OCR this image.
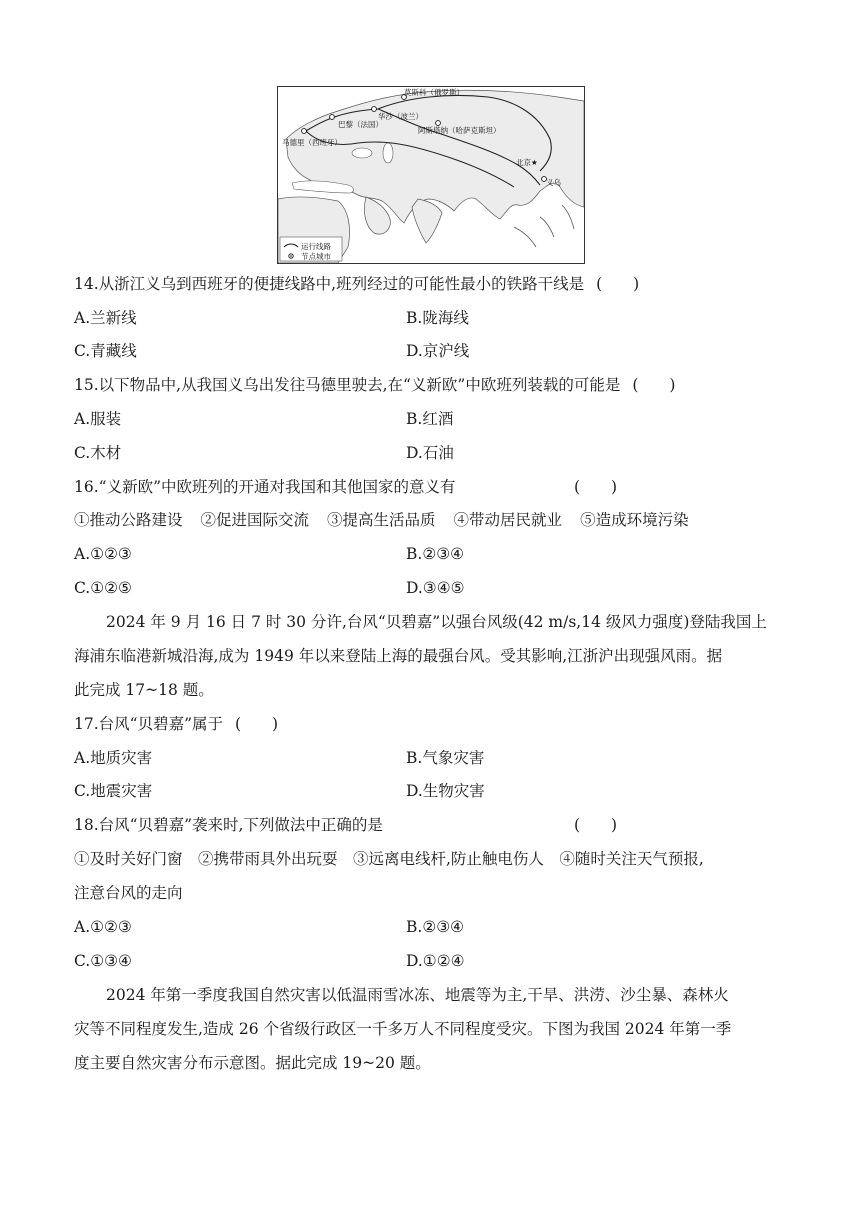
莫斯科（俄罗斯）
华沙（波兰）
巴黎（法国）
马德里（西班牙）
阿斯塔纳（哈萨克斯坦）
北京★
义乌
运行线路
节点城市
14.从浙江义乌到西班牙的便捷线路中,班列经过的可能性最小的铁路干线是 (　　)
A.兰新线	B.陇海线
C.青藏线	D.京沪线
15.以下物品中,从我国义乌出发往马德里驶去,在“义新欧”中欧班列装载的可能是 (　　)
A.服装	B.红酒
C.木材	D.石油
16.“义新欧”中欧班列的开通对我国和其他国家的意义有	(　　)
①推动公路建设 ②促进国际交流 ③提高生活品质 ④带动居民就业 ⑤造成环境污染
A.①②③	B.②③④
C.①②⑤	D.③④⑤
2024 年 9 月 16 日 7 时 30 分许,台风“贝碧嘉”以强台风级(42 m/s,14 级风力强度)登陆我国上
海浦东临港新城沿海,成为 1949 年以来登陆上海的最强台风。受其影响,江浙沪出现强风雨。据
此完成 17~18 题。
17.台风“贝碧嘉”属于 (　　)
A.地质灾害	B.气象灾害
C.地震灾害	D.生物灾害
18.台风“贝碧嘉”袭来时,下列做法中正确的是	(　　)
①及时关好门窗　②携带雨具外出玩耍　③远离电线杆,防止触电伤人　④随时关注天气预报,
注意台风的走向
A.①②③	B.②③④
C.①③④	D.①②④
2024 年第一季度我国自然灾害以低温雨雪冰冻、地震等为主,干旱、洪涝、沙尘暴、森林火
灾等不同程度发生,造成 26 个省级行政区一千多万人不同程度受灾。下图为我国 2024 年第一季
度主要自然灾害分布示意图。据此完成 19~20 题。
